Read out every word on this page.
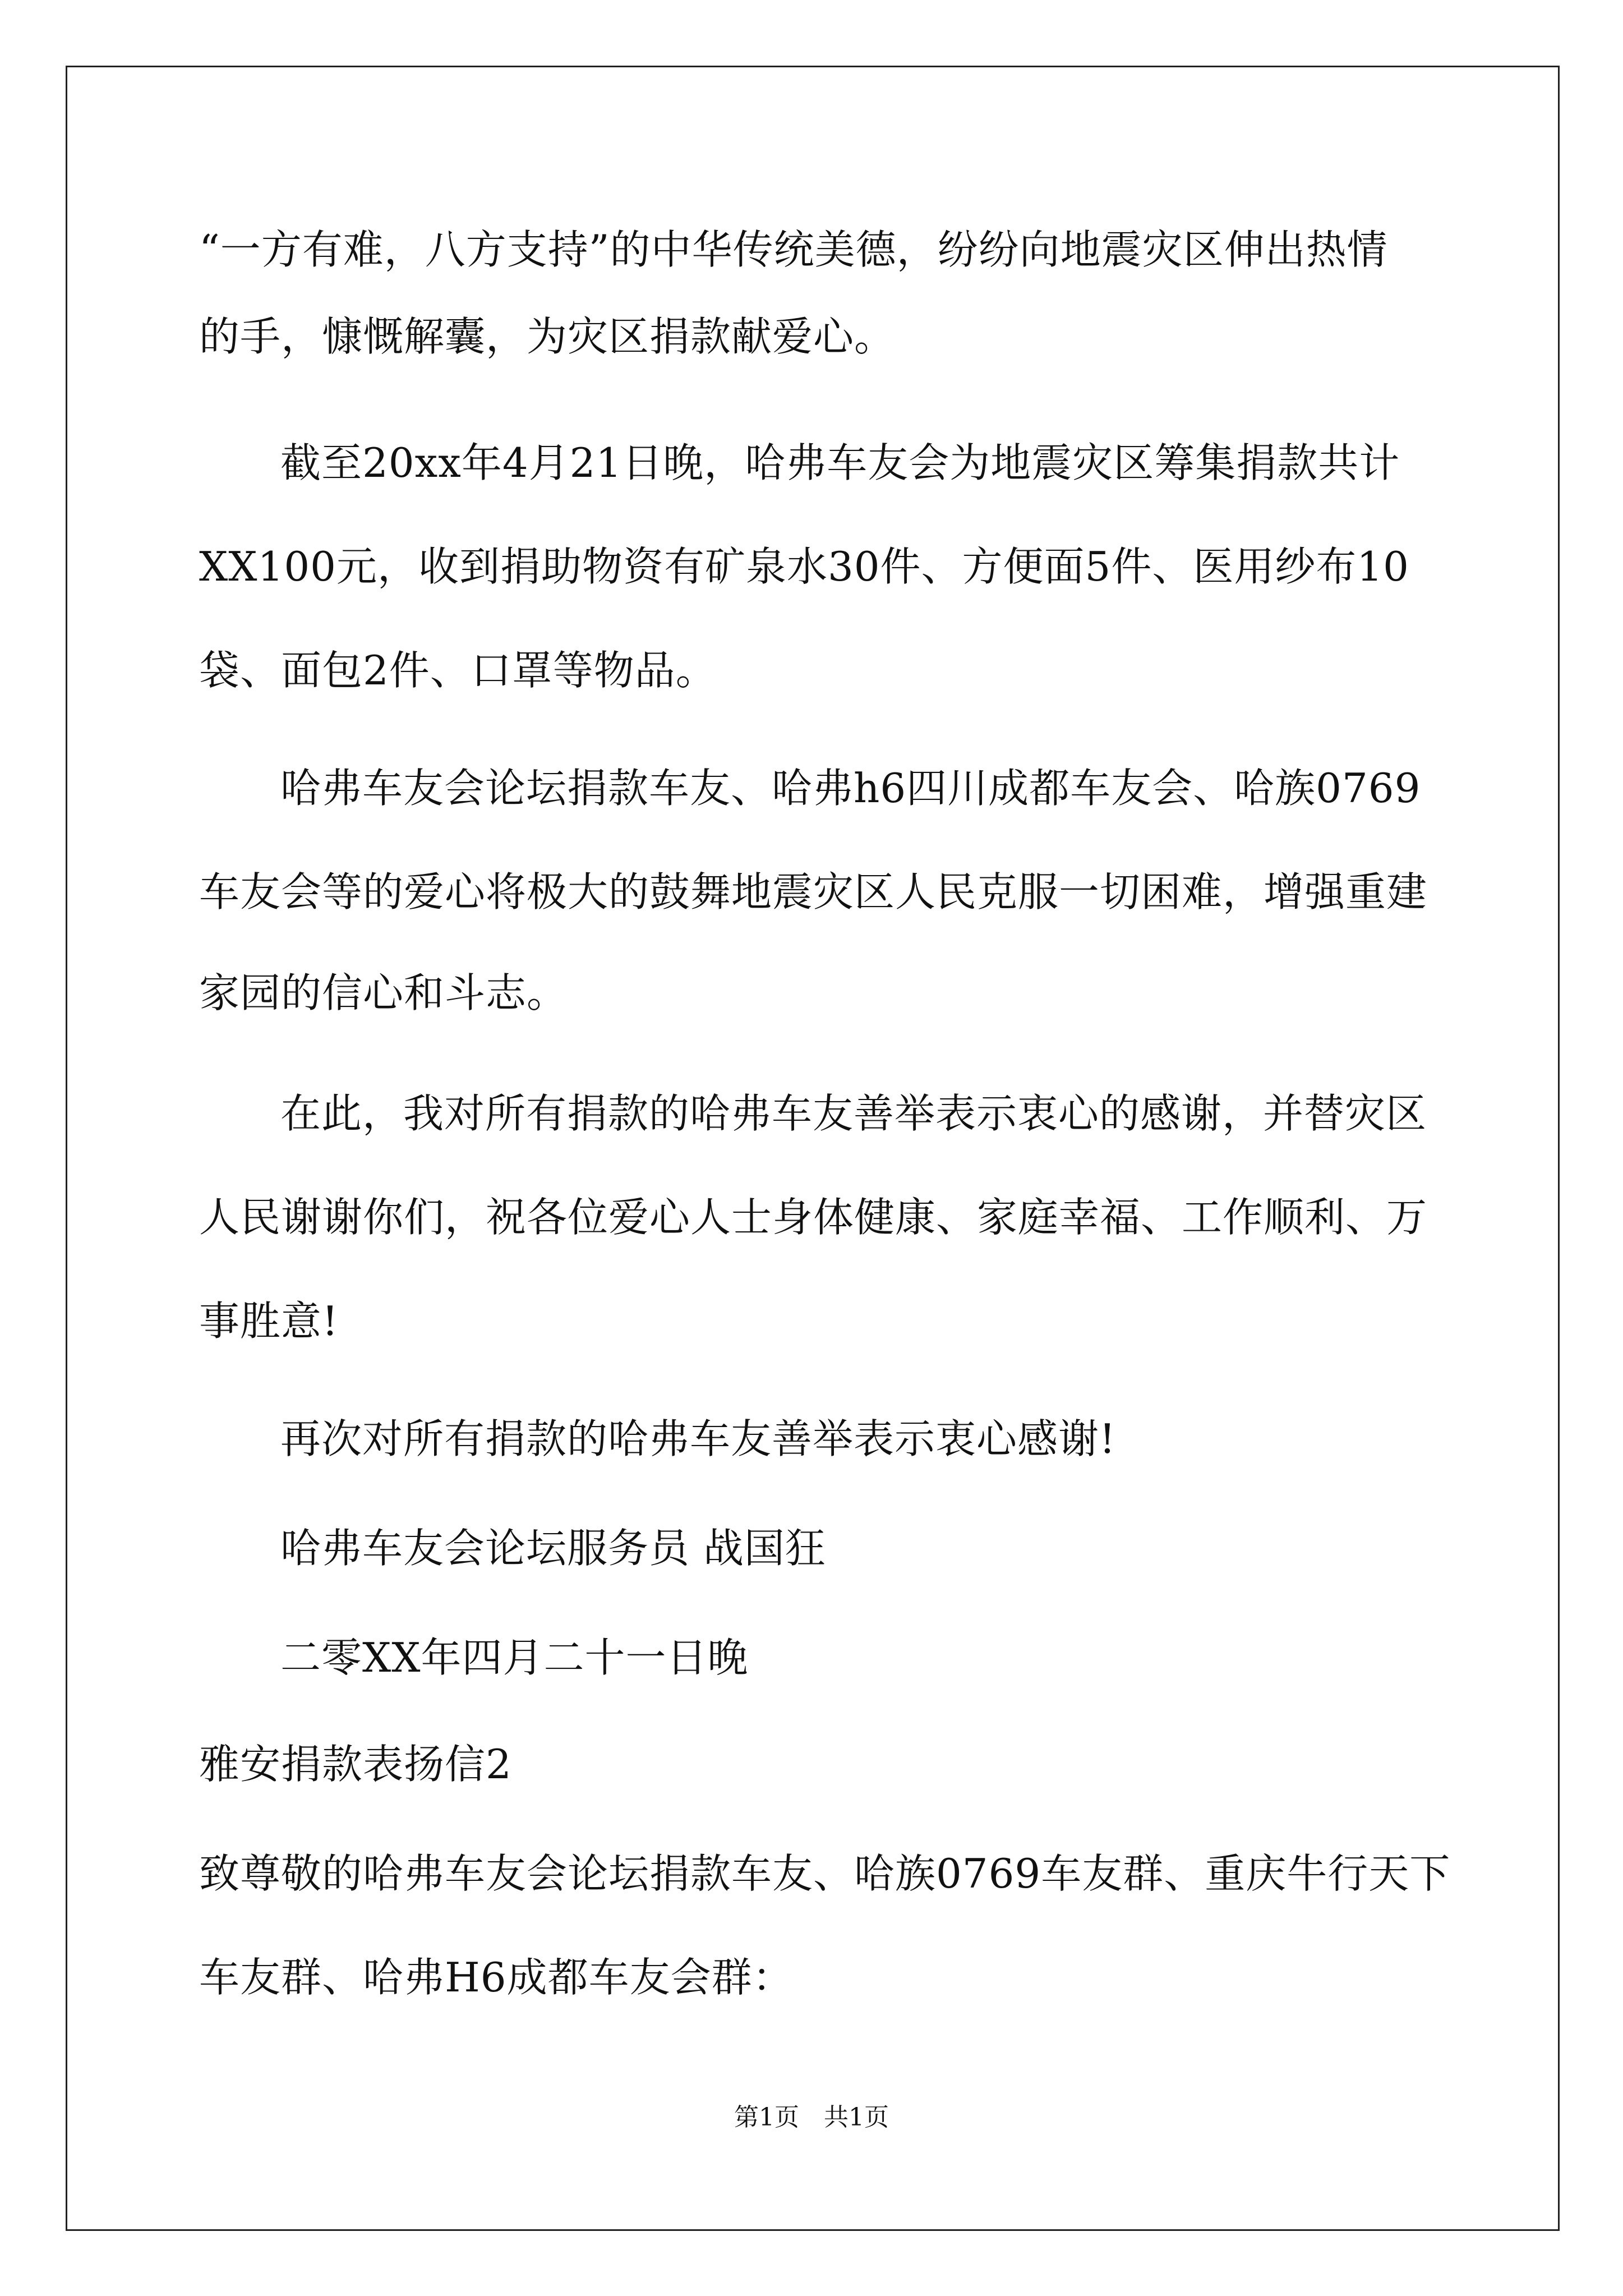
“一方有难，八方支持”的中华传统美德，纷纷向地震灾区伸出热情
的手，慷慨解囊，为灾区捐款献爱心。
截至20xx年4月21日晚，哈弗车友会为地震灾区筹集捐款共计
XX100元，收到捐助物资有矿泉水30件、方便面5件、医用纱布10
袋、面包2件、口罩等物品。
哈弗车友会论坛捐款车友、哈弗h6四川成都车友会、哈族0769
车友会等的爱心将极大的鼓舞地震灾区人民克服一切困难，增强重建
家园的信心和斗志。
在此，我对所有捐款的哈弗车友善举表示衷心的感谢，并替灾区
人民谢谢你们，祝各位爱心人士身体健康、家庭幸福、工作顺利、万
事胜意!
再次对所有捐款的哈弗车友善举表示衷心感谢!
哈弗车友会论坛服务员 战国狂
二零XX年四月二十一日晚
雅安捐款表扬信2
致尊敬的哈弗车友会论坛捐款车友、哈族0769车友群、重庆牛行天下
车友群、哈弗H6成都车友会群：
第1页　共1页
